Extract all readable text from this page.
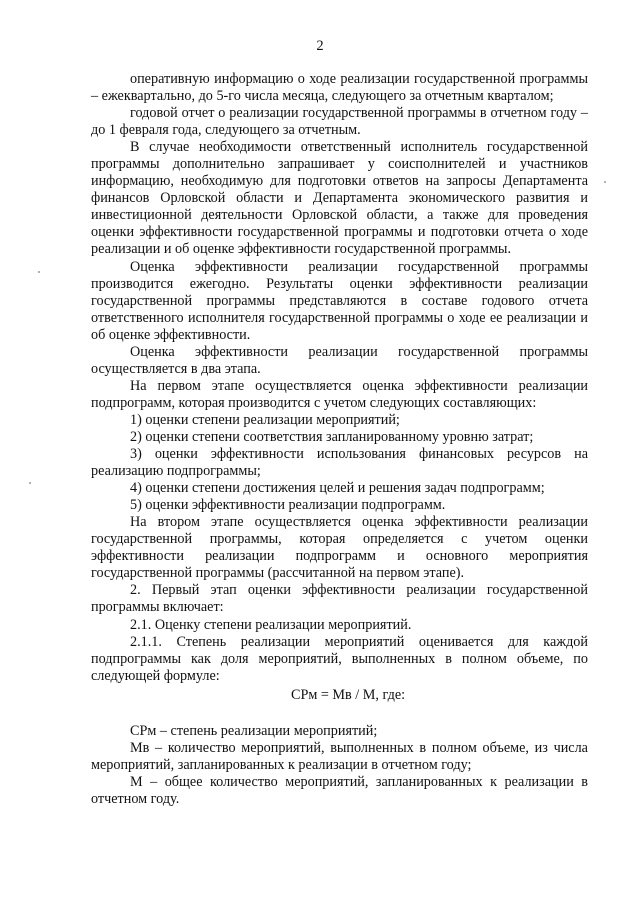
2

оперативную информацию о ходе реализации государственной программы – ежеквартально, до 5-го числа месяца, следующего за отчетным кварталом;

годовой отчет о реализации государственной программы в отчетном году – до 1 февраля года, следующего за отчетным.

В случае необходимости ответственный исполнитель государственной программы дополнительно запрашивает у соисполнителей и участников информацию, необходимую для подготовки ответов на запросы Департамента финансов Орловской области и Департамента экономического развития и инвестиционной деятельности Орловской области, а также для проведения оценки эффективности государственной программы и подготовки отчета о ходе реализации и об оценке эффективности государственной программы.

Оценка эффективности реализации государственной программы производится ежегодно. Результаты оценки эффективности реализации государственной программы представляются в составе годового отчета ответственного исполнителя государственной программы о ходе ее реализации и об оценке эффективности.

Оценка эффективности реализации государственной программы осуществляется в два этапа.

На первом этапе осуществляется оценка эффективности реализации подпрограмм, которая производится с учетом следующих составляющих:

1) оценки степени реализации мероприятий;

2) оценки степени соответствия запланированному уровню затрат;

3) оценки эффективности использования финансовых ресурсов на реализацию подпрограммы;

4) оценки степени достижения целей и решения задач подпрограмм;

5) оценки эффективности реализации подпрограмм.

На втором этапе осуществляется оценка эффективности реализации государственной программы, которая определяется с учетом оценки эффективности реализации подпрограмм и основного мероприятия государственной программы (рассчитанной на первом этапе).

2. Первый этап оценки эффективности реализации государственной программы включает:

2.1. Оценку степени реализации мероприятий.

2.1.1. Степень реализации мероприятий оценивается для каждой подпрограммы как доля мероприятий, выполненных в полном объеме, по следующей формуле:

СРм = Мв / М, где:

СРм – степень реализации мероприятий;

Мв – количество мероприятий, выполненных в полном объеме, из числа мероприятий, запланированных к реализации в отчетном году;

М – общее количество мероприятий, запланированных к реализации в отчетном году.
